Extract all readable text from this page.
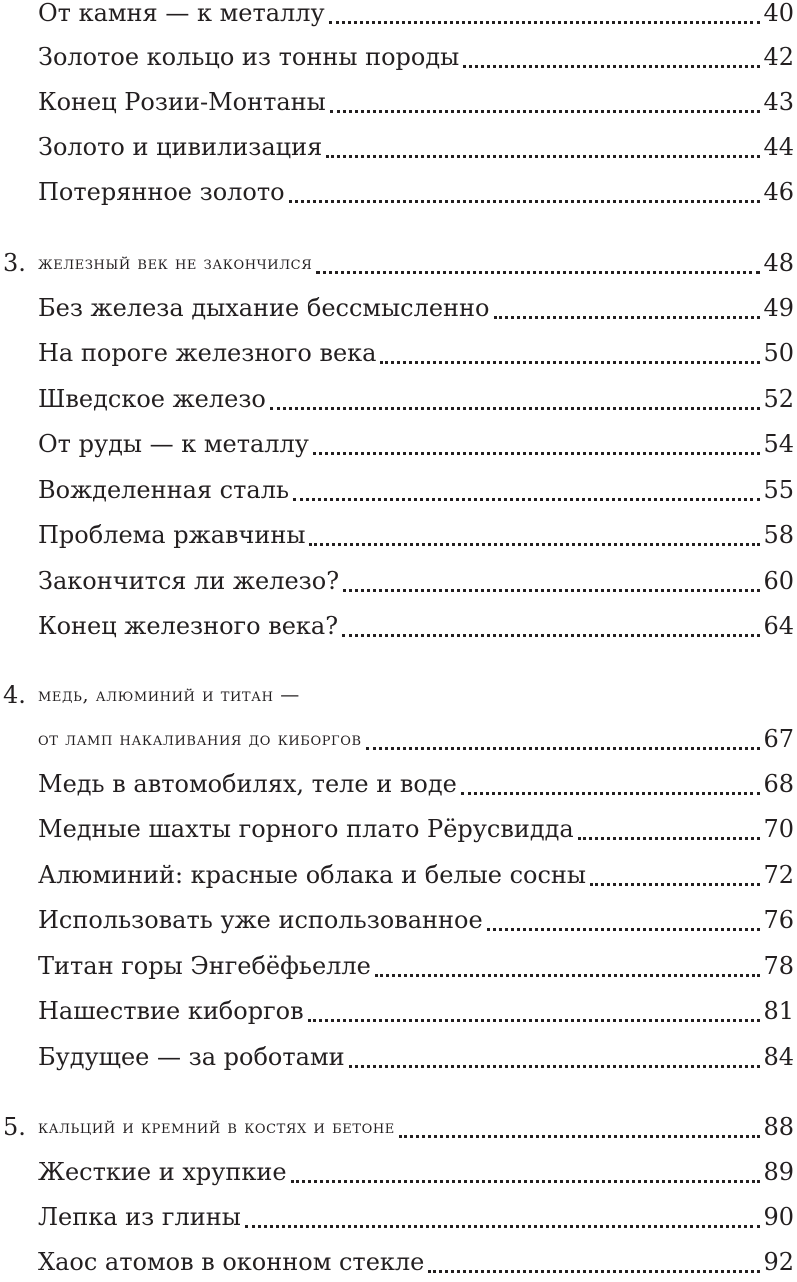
От камня — к металлу	40
Золотое кольцо из тонны породы	42
Конец Розии-Монтаны	43
Золото и цивилизация	44
Потерянное золото	46
3. железный век не закончился	48
Без железа дыхание бессмысленно	49
На пороге железного века	50
Шведское железо	52
От руды — к металлу	54
Вожделенная сталь	55
Проблема ржавчины	58
Закончится ли железо?	60
Конец железного века?	64
4. медь, алюминий и титан —
от ламп накаливания до киборгов	67
Медь в автомобилях, теле и воде	68
Медные шахты горного плато Рёрусвидда	70
Алюминий: красные облака и белые сосны	72
Использовать уже использованное	76
Титан горы Энгебёфьелле	78
Нашествие киборгов	81
Будущее — за роботами	84
5. кальций и кремний в костях и бетоне	88
Жесткие и хрупкие	89
Лепка из глины	90
Хаос атомов в оконном стекле	92
